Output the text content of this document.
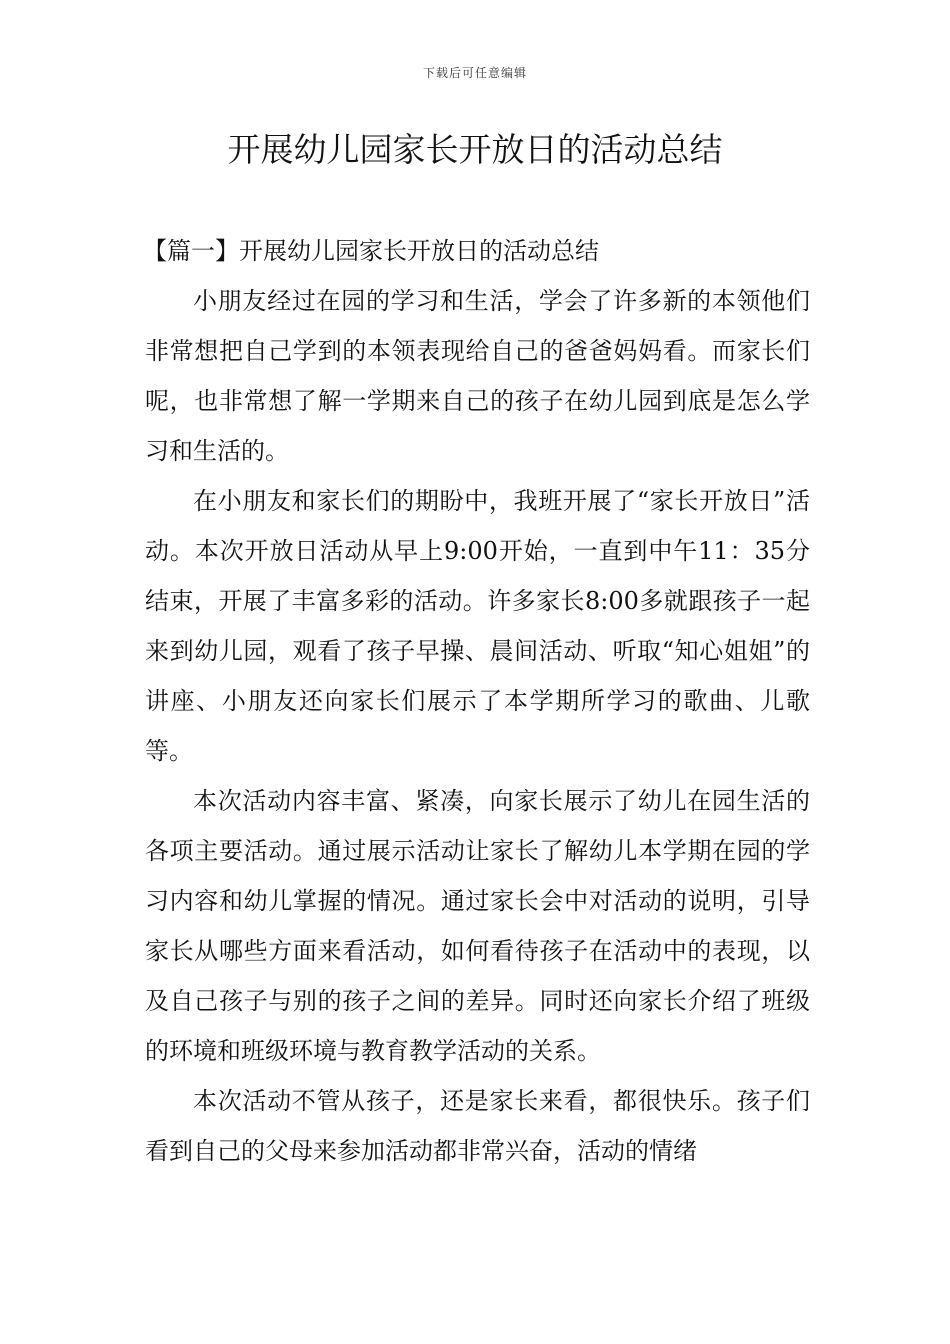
下载后可任意编辑
开展幼儿园家长开放日的活动总结
【篇一】开展幼儿园家长开放日的活动总结

小朋友经过在园的学习和生活，学会了许多新的本领他们非常想把自己学到的本领表现给自己的爸爸妈妈看。而家长们呢，也非常想了解一学期来自己的孩子在幼儿园到底是怎么学习和生活的。

在小朋友和家长们的期盼中，我班开展了“家长开放日”活动。本次开放日活动从早上9:00开始，一直到中午11：35分结束，开展了丰富多彩的活动。许多家长8:00多就跟孩子一起来到幼儿园，观看了孩子早操、晨间活动、听取“知心姐姐”的讲座、小朋友还向家长们展示了本学期所学习的歌曲、儿歌等。

本次活动内容丰富、紧凑，向家长展示了幼儿在园生活的各项主要活动。通过展示活动让家长了解幼儿本学期在园的学习内容和幼儿掌握的情况。通过家长会中对活动的说明，引导家长从哪些方面来看活动，如何看待孩子在活动中的表现，以及自己孩子与别的孩子之间的差异。同时还向家长介绍了班级的环境和班级环境与教育教学活动的关系。

本次活动不管从孩子，还是家长来看，都很快乐。孩子们看到自己的父母来参加活动都非常兴奋，活动的情绪
